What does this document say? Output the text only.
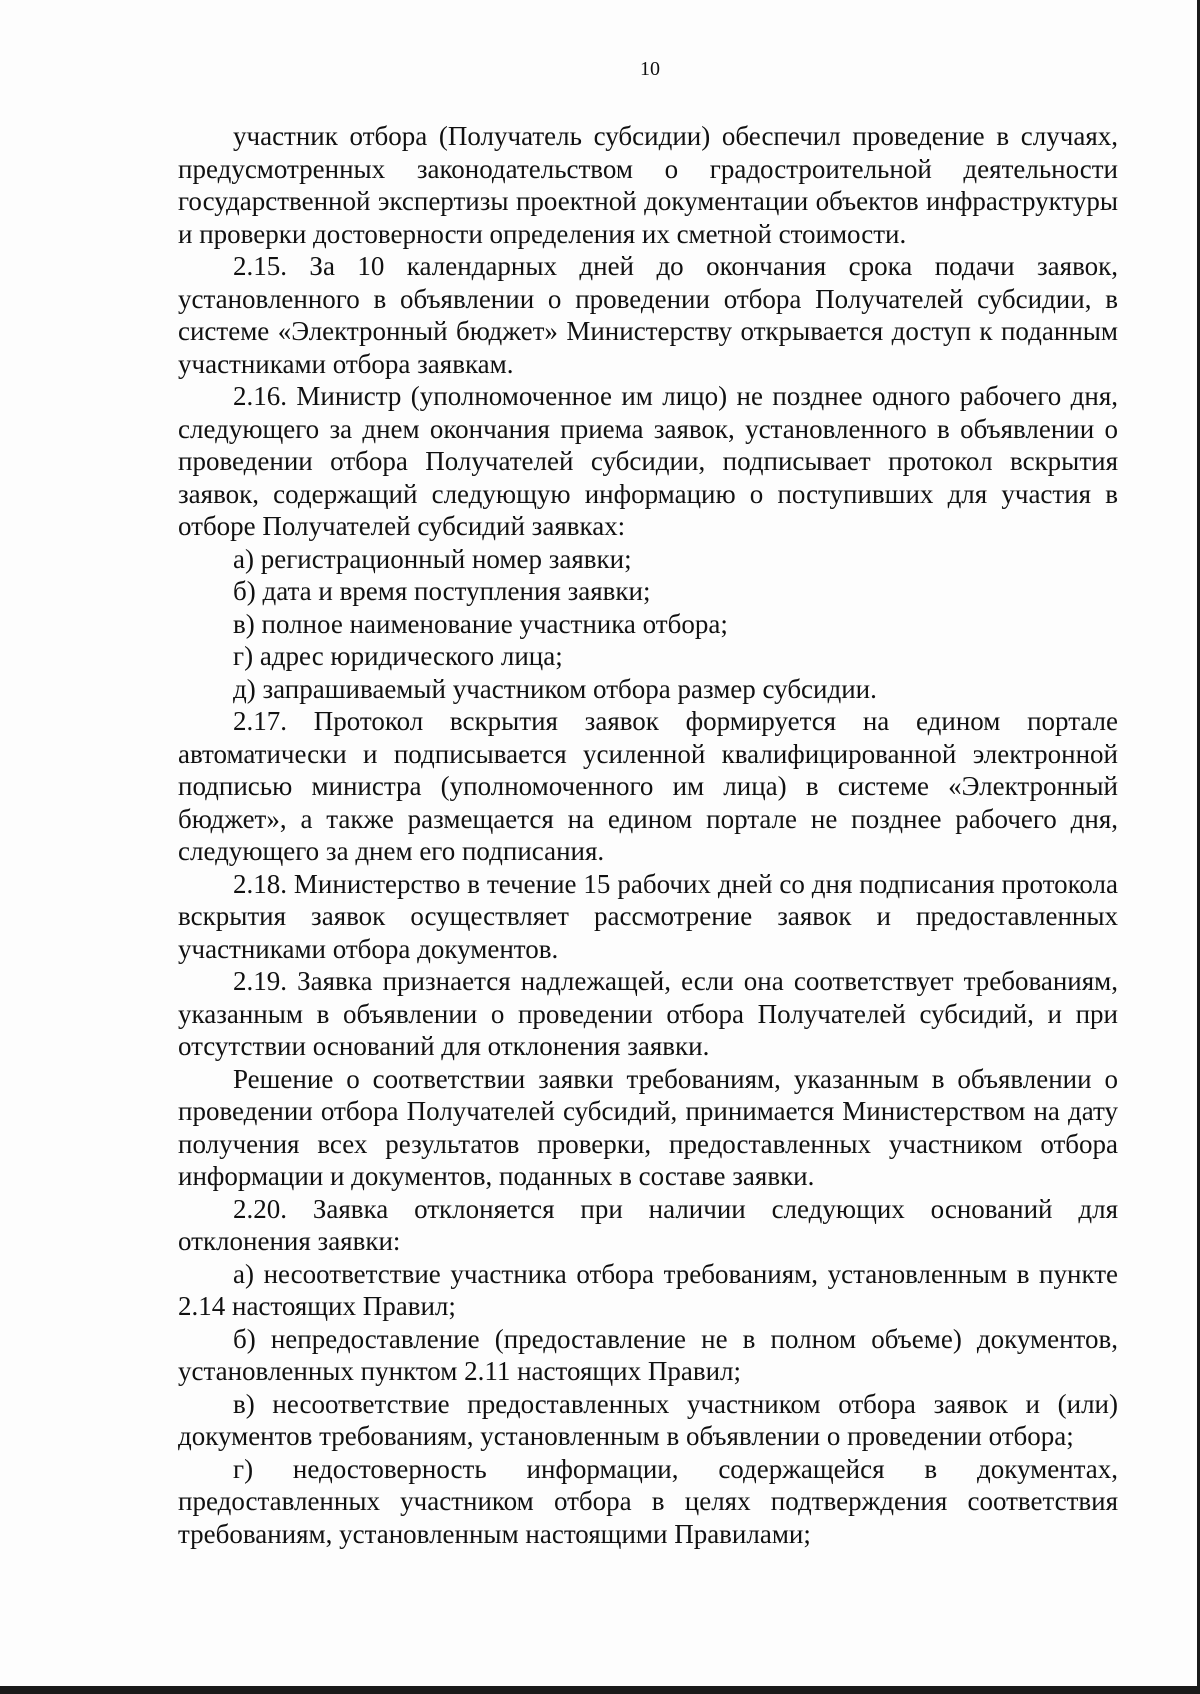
10

участник отбора (Получатель субсидии) обеспечил проведение в случаях, предусмотренных законодательством о градостроительной деятельности государственной экспертизы проектной документации объектов инфраструктуры и проверки достоверности определения их сметной стоимости.

2.15. За 10 календарных дней до окончания срока подачи заявок, установленного в объявлении о проведении отбора Получателей субсидии, в системе «Электронный бюджет» Министерству открывается доступ к поданным участниками отбора заявкам.

2.16. Министр (уполномоченное им лицо) не позднее одного рабочего дня, следующего за днем окончания приема заявок, установленного в объявлении о проведении отбора Получателей субсидии, подписывает протокол вскрытия заявок, содержащий следующую информацию о поступивших для участия в отборе Получателей субсидий заявках:

а) регистрационный номер заявки;

б) дата и время поступления заявки;

в) полное наименование участника отбора;

г) адрес юридического лица;

д) запрашиваемый участником отбора размер субсидии.

2.17. Протокол вскрытия заявок формируется на едином портале автоматически и подписывается усиленной квалифицированной электронной подписью министра (уполномоченного им лица) в системе «Электронный бюджет», а также размещается на едином портале не позднее рабочего дня, следующего за днем его подписания.

2.18. Министерство в течение 15 рабочих дней со дня подписания протокола вскрытия заявок осуществляет рассмотрение заявок и предоставленных участниками отбора документов.

2.19. Заявка признается надлежащей, если она соответствует требованиям, указанным в объявлении о проведении отбора Получателей субсидий, и при отсутствии оснований для отклонения заявки.

Решение о соответствии заявки требованиям, указанным в объявлении о проведении отбора Получателей субсидий, принимается Министерством на дату получения всех результатов проверки, предоставленных участником отбора информации и документов, поданных в составе заявки.

2.20. Заявка отклоняется при наличии следующих оснований для отклонения заявки:

а) несоответствие участника отбора требованиям, установленным в пункте 2.14 настоящих Правил;

б) непредоставление (предоставление не в полном объеме) документов, установленных пунктом 2.11 настоящих Правил;

в) несоответствие предоставленных участником отбора заявок и (или) документов требованиям, установленным в объявлении о проведении отбора;

г) недостоверность информации, содержащейся в документах, предоставленных участником отбора в целях подтверждения соответствия требованиям, установленным настоящими Правилами;
